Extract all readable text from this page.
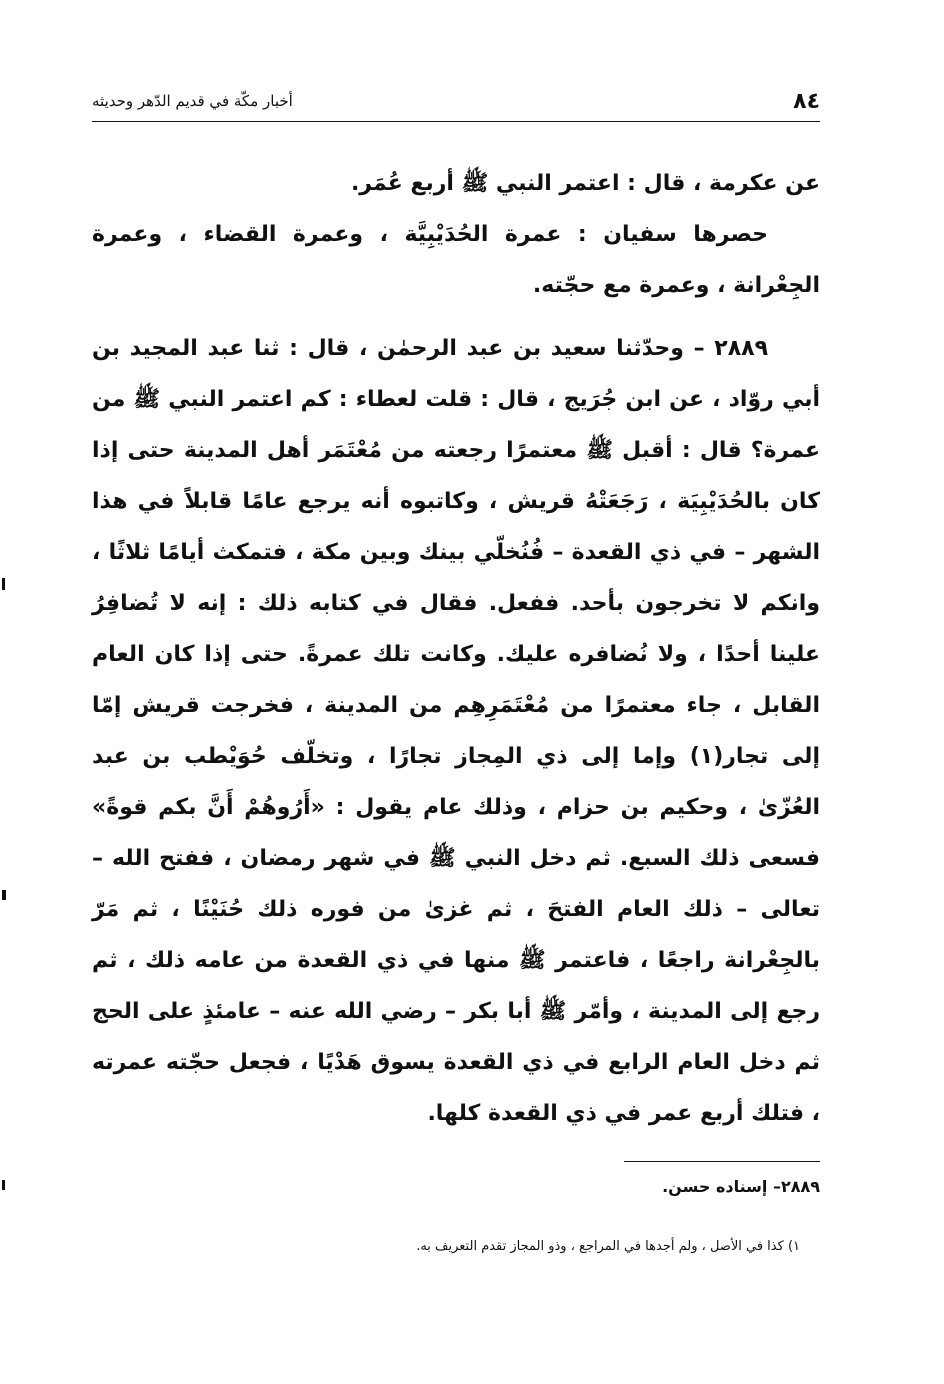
٨٤
أخبار مكّة في قديم الدّهر وحديثه

عن عكرمة ، قال : اعتمر النبي ﷺ أربع عُمَر.

حصرها سفيان : عمرة الحُدَيْبِيَّة ، وعمرة القضاء ، وعمرة الجِعْرانة ، وعمرة مع حجّته.

٢٨٨٩ – وحدّثنا سعيد بن عبد الرحمٰن ، قال : ثنا عبد المجيد بن أبي روّاد ، عن ابن جُرَيج ، قال : قلت لعطاء : كم اعتمر النبي ﷺ من عمرة؟ قال : أقبل ﷺ معتمرًا رجعته من مُعْتَمَر أهل المدينة حتى إذا كان بالحُدَيْبِيَة ، رَجَعَتْهُ قريش ، وكاتبوه أنه يرجع عامًا قابلاً في هذا الشهر – في ذي القعدة – فُنُخلّي بينك وبين مكة ، فتمكث أيامًا ثلاثًا ، وانكم لا تخرجون بأحد. ففعل. فقال في كتابه ذلك : إنه لا تُضافِرُ علينا أحدًا ، ولا نُضافره عليك. وكانت تلك عمرةً. حتى إذا كان العام القابل ، جاء معتمرًا من مُعْتَمَرِهِم من المدينة ، فخرجت قريش إمّا إلى تجار(١) وإما إلى ذي المِجاز تجارًا ، وتخلّف حُوَيْطب بن عبد العُزّىٰ ، وحكيم بن حزام ، وذلك عام يقول : «أَرُوهُمْ أَنَّ بكم قوةً» فسعى ذلك السبع. ثم دخل النبي ﷺ في شهر رمضان ، ففتح الله – تعالى – ذلك العام الفتحَ ، ثم غزىٰ من فوره ذلك حُنَيْنًا ، ثم مَرّ بالجِعْرانة راجعًا ، فاعتمر ﷺ منها في ذي القعدة من عامه ذلك ، ثم رجع إلى المدينة ، وأمّر ﷺ أبا بكر – رضي الله عنه – عامئذٍ على الحج ثم دخل العام الرابع في ذي القعدة يسوق هَدْيًا ، فجعل حجّته عمرته ، فتلك أربع عمر في ذي القعدة كلها.

٢٨٨٩– إسناده حسن.
١) كذا في الأصل ، ولم أجدها في المراجع ، وذو المجاز تقدم التعريف به.
